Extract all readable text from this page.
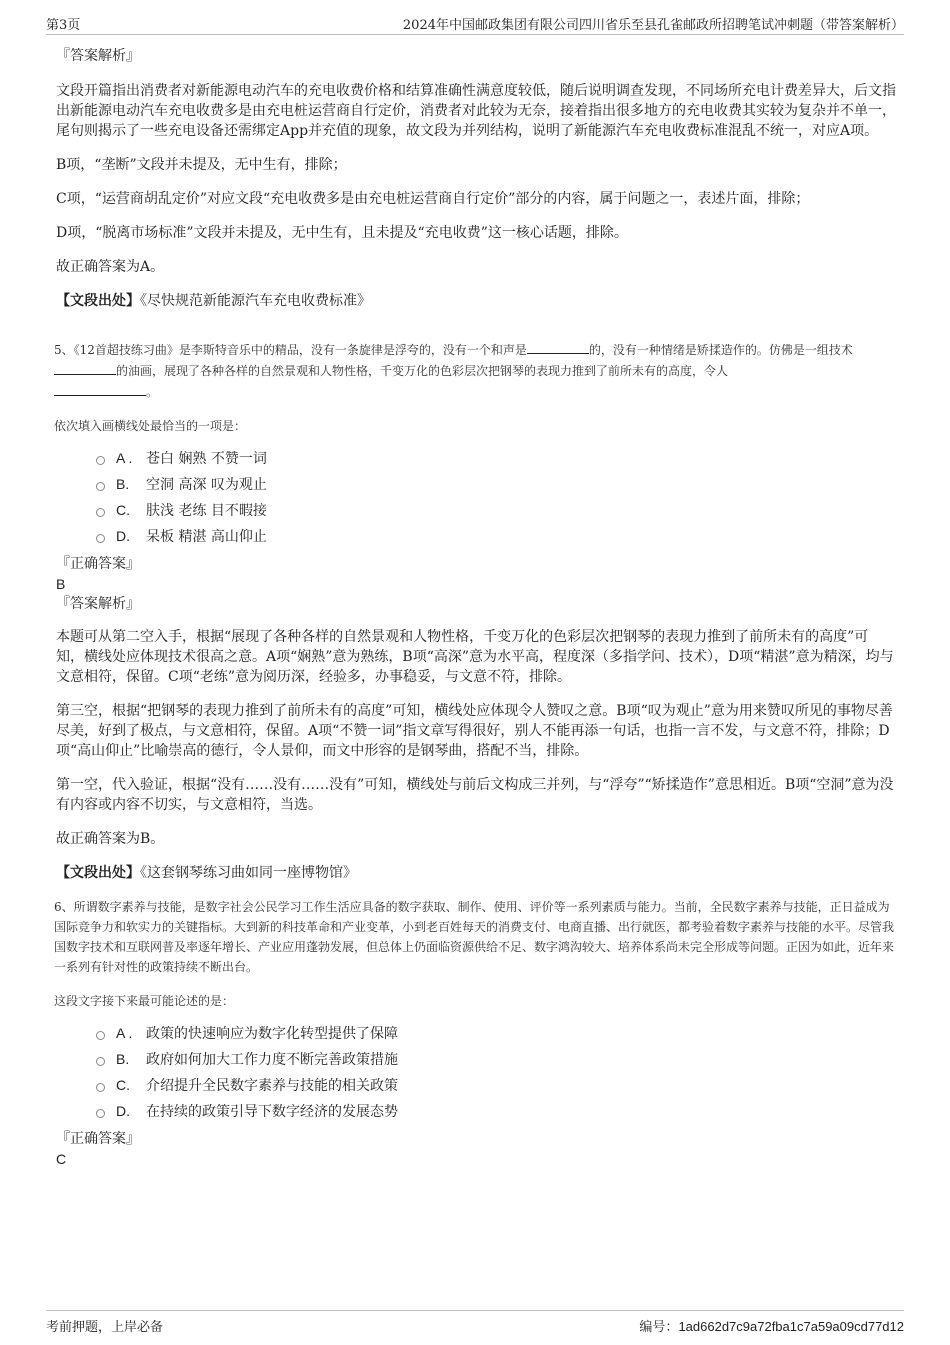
第3页	2024年中国邮政集团有限公司四川省乐至县孔雀邮政所招聘笔试冲刺题（带答案解析）
『答案解析』

文段开篇指出消费者对新能源电动汽车的充电收费价格和结算准确性满意度较低，随后说明调查发现，不同场所充电计费差异大，后文指出新能源电动汽车充电收费多是由充电桩运营商自行定价，消费者对此较为无奈，接着指出很多地方的充电收费其实较为复杂并不单一，尾句则揭示了一些充电设备还需绑定App并充值的现象，故文段为并列结构，说明了新能源汽车充电收费标准混乱不统一，对应A项。

B项，“垄断”文段并未提及，无中生有，排除；

C项，“运营商胡乱定价”对应文段“充电收费多是由充电桩运营商自行定价”部分的内容，属于问题之一，表述片面，排除；

D项，“脱离市场标准”文段并未提及，无中生有，且未提及“充电收费”这一核心话题，排除。

故正确答案为A。

【文段出处】《尽快规范新能源汽车充电收费标准》

5、《12首超技练习曲》是李斯特音乐中的精品，没有一条旋律是浮夸的，没有一个和声是	的，没有一种情绪是矫揉造作的。仿佛是一组技术的油画，展现了各种各样的自然景观和人物性格，千变万化的色彩层次把钢琴的表现力推到了前所未有的高度，令人
。

依次填入画横线处最恰当的一项是：

A . 苍白 娴熟 不赞一词
B. 空洞 高深 叹为观止
C. 肤浅 老练 目不暇接
D. 呆板 精湛 高山仰止
『正确答案』
B
『答案解析』

本题可从第二空入手，根据“展现了各种各样的自然景观和人物性格，千变万化的色彩层次把钢琴的表现力推到了前所未有的高度”可知，横线处应体现技术很高之意。A项“娴熟”意为熟练，B项“高深”意为水平高，程度深（多指学问、技术），D项“精湛”意为精深，均与文意相符，保留。C项“老练”意为阅历深，经验多，办事稳妥，与文意不符，排除。

第三空，根据“把钢琴的表现力推到了前所未有的高度”可知，横线处应体现令人赞叹之意。B项“叹为观止”意为用来赞叹所见的事物尽善尽美，好到了极点，与文意相符，保留。A项“不赞一词”指文章写得很好，别人不能再添一句话，也指一言不发，与文意不符，排除；D项“高山仰止”比喻崇高的德行，令人景仰，而文中形容的是钢琴曲，搭配不当，排除。

第一空，代入验证，根据“没有……没有……没有”可知，横线处与前后文构成三并列，与“浮夸”“矫揉造作”意思相近。B项“空洞”意为没有内容或内容不切实，与文意相符，当选。

故正确答案为B。

【文段出处】《这套钢琴练习曲如同一座博物馆》

6、所谓数字素养与技能，是数字社会公民学习工作生活应具备的数字获取、制作、使用、评价等一系列素质与能力。当前，全民数字素养与技能，正日益成为国际竞争力和软实力的关键指标。大到新的科技革命和产业变革，小到老百姓每天的消费支付、电商直播、出行就医，都考验着数字素养与技能的水平。尽管我国数字技术和互联网普及率逐年增长、产业应用蓬勃发展，但总体上仍面临资源供给不足、数字鸿沟较大、培养体系尚未完全形成等问题。正因为如此，近年来一系列有针对性的政策持续不断出台。

这段文字接下来最可能论述的是：

A . 政策的快速响应为数字化转型提供了保障
B. 政府如何加大工作力度不断完善政策措施
C. 介绍提升全民数字素养与技能的相关政策
D. 在持续的政策引导下数字经济的发展态势
『正确答案』
C
考前押题，上岸必备	编号：1ad662d7c9a72fba1c7a59a09cd77d12
